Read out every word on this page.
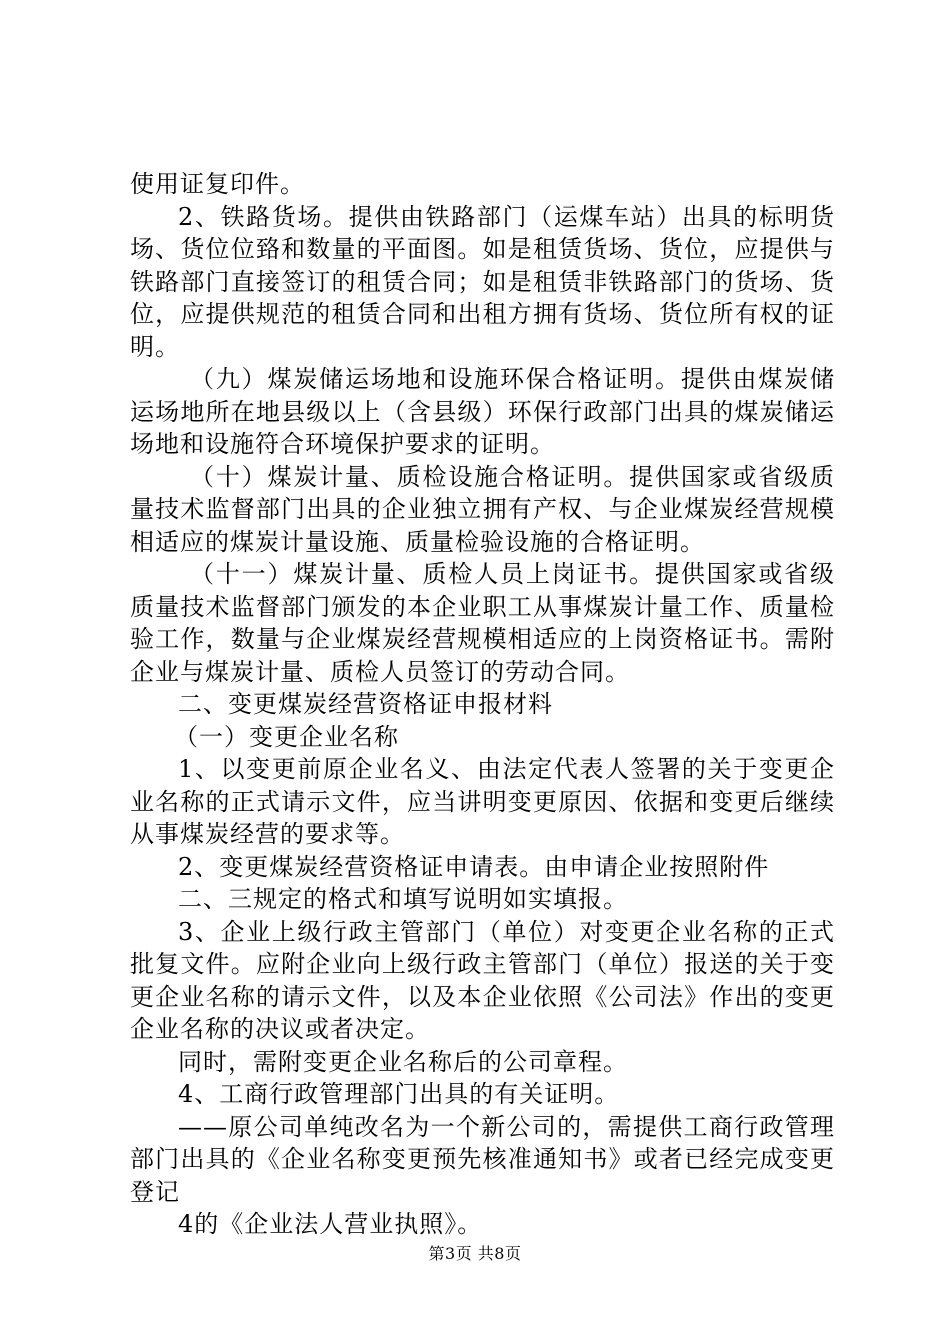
使用证复印件。

2、铁路货场。提供由铁路部门（运煤车站）出具的标明货场、货位位臵和数量的平面图。如是租赁货场、货位，应提供与铁路部门直接签订的租赁合同；如是租赁非铁路部门的货场、货位，应提供规范的租赁合同和出租方拥有货场、货位所有权的证明。

（九）煤炭储运场地和设施环保合格证明。提供由煤炭储运场地所在地县级以上（含县级）环保行政部门出具的煤炭储运场地和设施符合环境保护要求的证明。

（十）煤炭计量、质检设施合格证明。提供国家或省级质量技术监督部门出具的企业独立拥有产权、与企业煤炭经营规模相适应的煤炭计量设施、质量检验设施的合格证明。

（十一）煤炭计量、质检人员上岗证书。提供国家或省级质量技术监督部门颁发的本企业职工从事煤炭计量工作、质量检验工作，数量与企业煤炭经营规模相适应的上岗资格证书。需附企业与煤炭计量、质检人员签订的劳动合同。

二、变更煤炭经营资格证申报材料

（一）变更企业名称

1、以变更前原企业名义、由法定代表人签署的关于变更企业名称的正式请示文件，应当讲明变更原因、依据和变更后继续从事煤炭经营的要求等。

2、变更煤炭经营资格证申请表。由申请企业按照附件

二、三规定的格式和填写说明如实填报。

3、企业上级行政主管部门（单位）对变更企业名称的正式批复文件。应附企业向上级行政主管部门（单位）报送的关于变更企业名称的请示文件，以及本企业依照《公司法》作出的变更企业名称的决议或者决定。

同时，需附变更企业名称后的公司章程。

4、工商行政管理部门出具的有关证明。

——原公司单纯改名为一个新公司的，需提供工商行政管理部门出具的《企业名称变更预先核准通知书》或者已经完成变更登记

4的《企业法人营业执照》。

第3页 共8页
